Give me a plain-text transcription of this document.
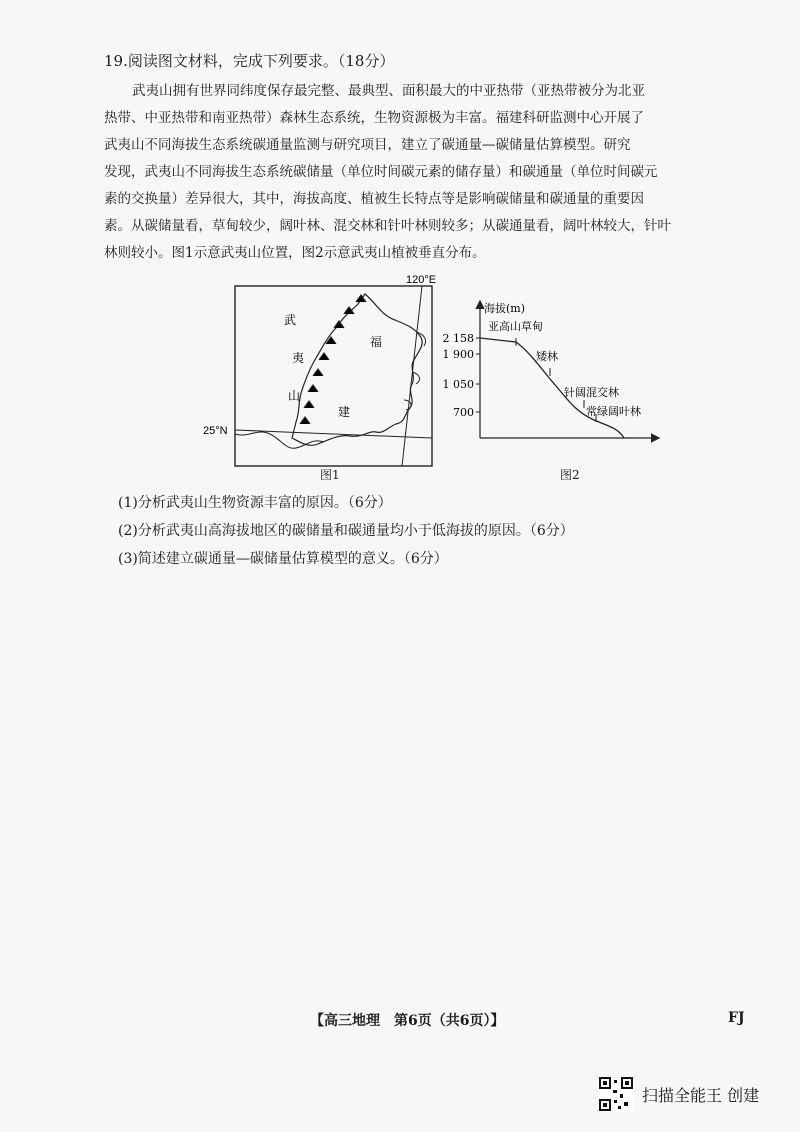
19.阅读图文材料，完成下列要求。（18分）
武夷山拥有世界同纬度保存最完整、最典型、面积最大的中亚热带（亚热带被分为北亚
热带、中亚热带和南亚热带）森林生态系统，生物资源极为丰富。福建科研监测中心开展了
武夷山不同海拔生态系统碳通量监测与研究项目，建立了碳通量—碳储量估算模型。研究
发现，武夷山不同海拔生态系统碳储量（单位时间碳元素的储存量）和碳通量（单位时间碳元
素的交换量）差异很大，其中，海拔高度、植被生长特点等是影响碳储量和碳通量的重要因
素。从碳储量看，草甸较少，阔叶林、混交林和针叶林则较多；从碳通量看，阔叶林较大，针叶
林则较小。图1示意武夷山位置，图2示意武夷山植被垂直分布。
120°E
25°N
武
夷
山
福
建
图1
海拔(m)
2 158
1 900
1 050
700
亚高山草甸
矮林
针阔混交林
常绿阔叶林
图2
(1)分析武夷山生物资源丰富的原因。（6分）
(2)分析武夷山高海拔地区的碳储量和碳通量均小于低海拔的原因。（6分）
(3)简述建立碳通量—碳储量估算模型的意义。（6分）
【高三地理　第6页（共6页）】	FJ
扫描全能王 创建
